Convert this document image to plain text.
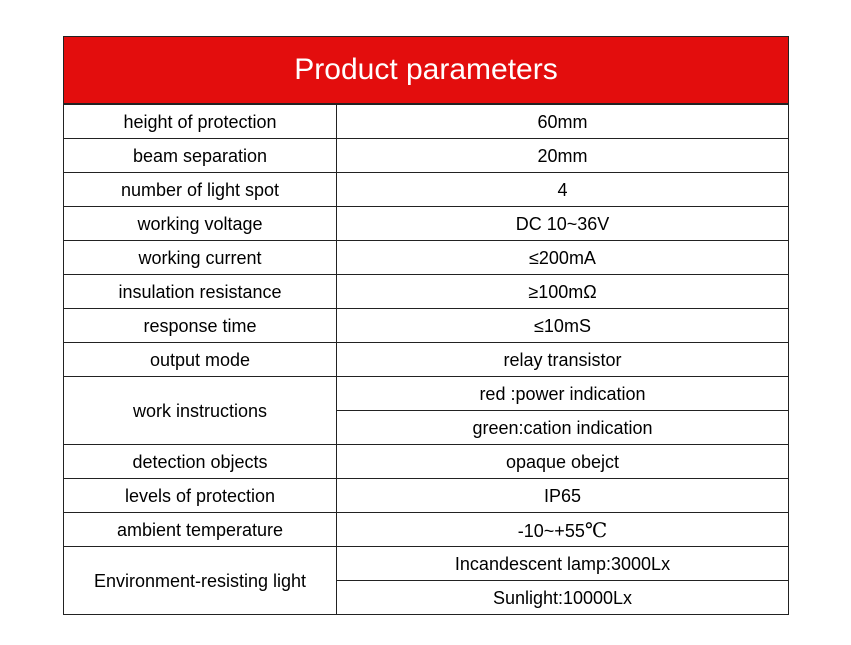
Product parameters
height of protection	60mm
beam separation	20mm
number of light spot	4
working voltage	DC 10~36V
working current	≤200mA
insulation resistance	≥100mΩ
response time	≤10mS
output mode	relay transistor
work instructions	red :power indication
	green:cation indication
detection objects	opaque obejct
levels of protection	IP65
ambient temperature	-10~+55℃
Environment-resisting light	Incandescent lamp:3000Lx
	Sunlight:10000Lx
